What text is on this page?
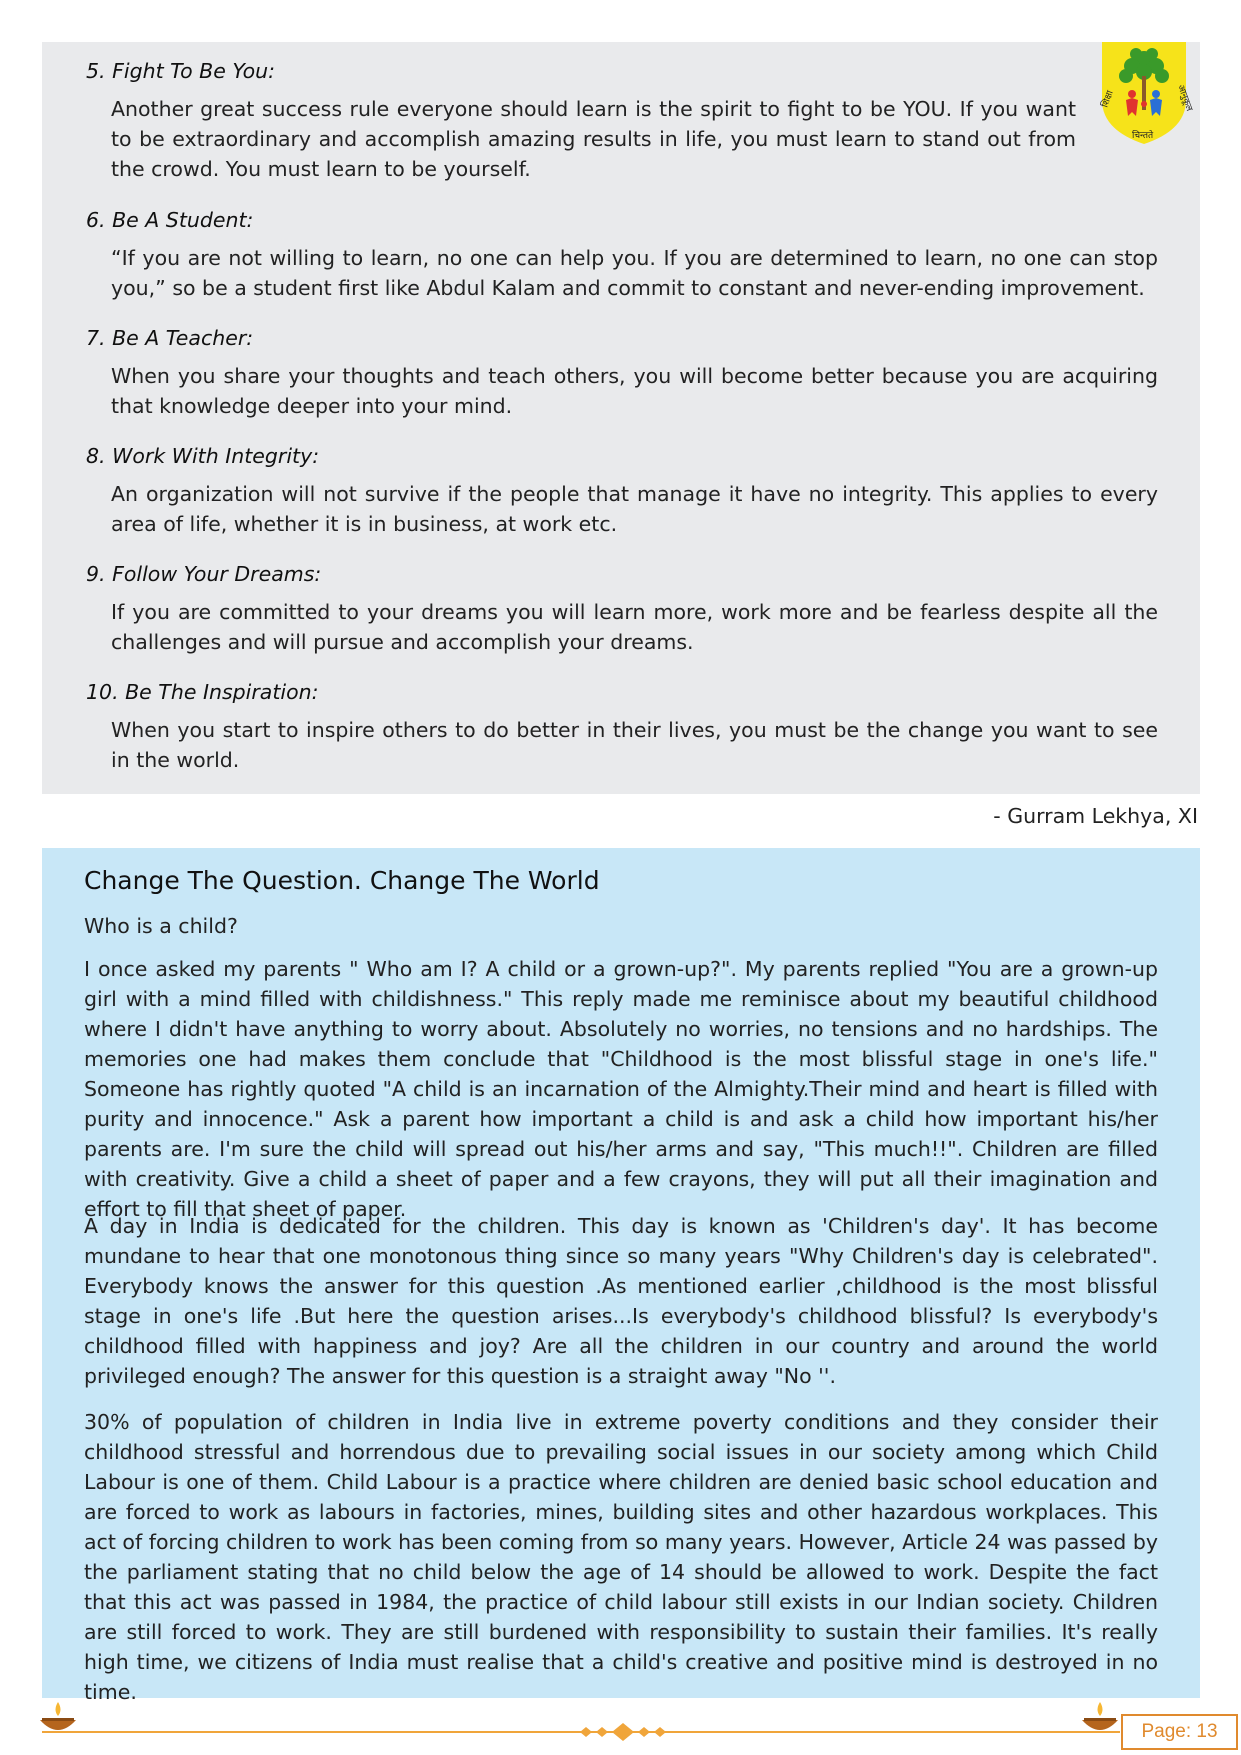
शिक्षा	आनुकूल
चिन्तते
5. Fight To Be You:

Another great success rule everyone should learn is the spirit to fight to be YOU. If you want to be extraordinary and accomplish amazing results in life, you must learn to stand out from the crowd. You must learn to be yourself.

6. Be A Student:

“If you are not willing to learn, no one can help you. If you are determined to learn, no one can stop you,” so be a student first like Abdul Kalam and commit to constant and never-ending improvement.

7. Be A Teacher:

When you share your thoughts and teach others, you will become better because you are acquiring that knowledge deeper into your mind.

8. Work With Integrity:

An organization will not survive if the people that manage it have no integrity. This applies to every area of life, whether it is in business, at work etc.

9. Follow Your Dreams:

If you are committed to your dreams you will learn more, work more and be fearless despite all the challenges and will pursue and accomplish your dreams.

10. Be The Inspiration:

When you start to inspire others to do better in their lives, you must be the change you want to see in the world.

- Gurram Lekhya, XI
Change The Question. Change The World
Who is a child?

I once asked my parents " Who am I? A child or a grown-up?". My parents replied "You are a grown-up girl with a mind filled with childishness." This reply made me reminisce about my beautiful childhood where I didn't have anything to worry about. Absolutely no worries, no tensions and no hardships. The memories one had makes them conclude that "Childhood is the most blissful stage in one's life." Someone has rightly quoted "A child is an incarnation of the Almighty.Their mind and heart is filled with purity and innocence." Ask a parent how important a child is and ask a child how important his/her parents are. I'm sure the child will spread out his/her arms and say, "This much!!". Children are filled with creativity. Give a child a sheet of paper and a few crayons, they will put all their imagination and effort to fill that sheet of paper.

A day in India is dedicated for the children. This day is known as 'Children's day'. It has become mundane to hear that one monotonous thing since so many years "Why Children's day is celebrated". Everybody knows the answer for this question .As mentioned earlier ,childhood is the most blissful stage in one's life .But here the question arises...Is everybody's childhood blissful? Is everybody's childhood filled with happiness and joy? Are all the children in our country and around the world privileged enough? The answer for this question is a straight away "No ''.

30% of population of children in India live in extreme poverty conditions and they consider their childhood stressful and horrendous due to prevailing social issues in our society among which Child Labour is one of them. Child Labour is a practice where children are denied basic school education and are forced to work as labours in factories, mines, building sites and other hazardous workplaces. This act of forcing children to work has been coming from so many years. However, Article 24 was passed by the parliament stating that no child below the age of 14 should be allowed to work. Despite the fact that this act was passed in 1984, the practice of child labour still exists in our Indian society. Children are still forced to work. They are still burdened with responsibility to sustain their families. It's really high time, we citizens of India must realise that a child's creative and positive mind is destroyed in no time.

Page: 13
